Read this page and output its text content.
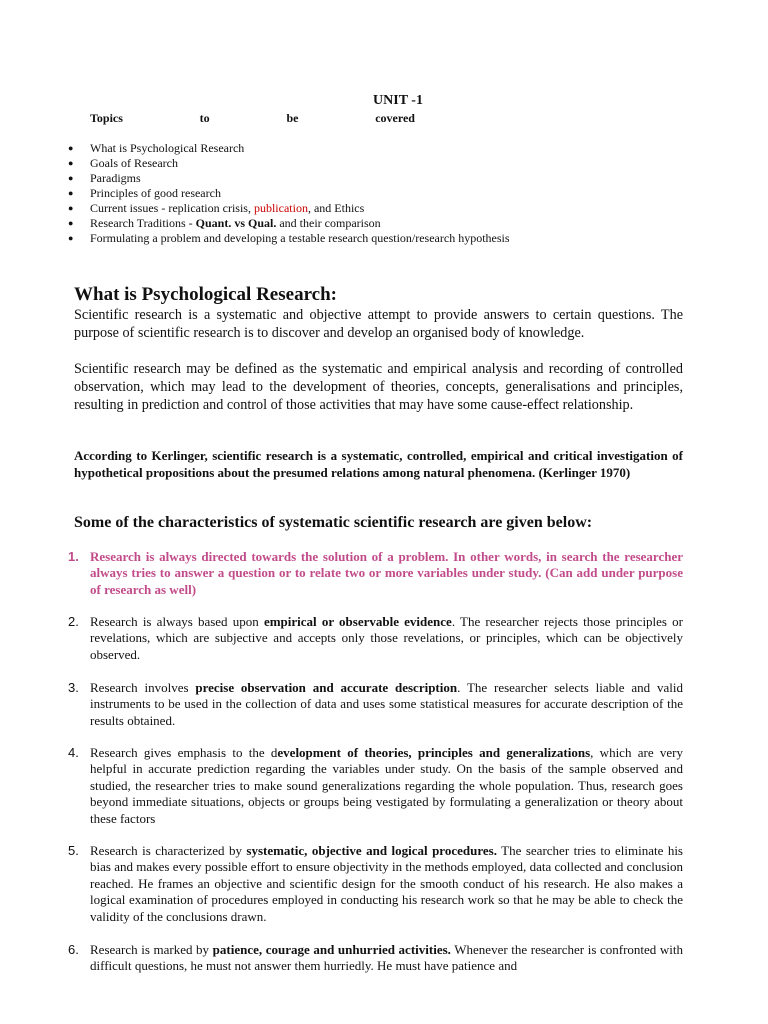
UNIT -1
Topics	to	be	covered
● What is Psychological Research
● Goals of Research
● Paradigms
● Principles of good research
● Current issues - replication crisis, publication, and Ethics
● Research Traditions - Quant. vs Qual. and their comparison
● Formulating a problem and developing a testable research question/research hypothesis
What is Psychological Research:

Scientific research is a systematic and objective attempt to provide answers to certain questions. The purpose of scientific research is to discover and develop an organised body of knowledge.

Scientific research may be defined as the systematic and empirical analysis and recording of controlled observation, which may lead to the development of theories, concepts, generalisations and principles, resulting in prediction and control of those activities that may have some cause-effect relationship.

According to Kerlinger, scientific research is a systematic, controlled, empirical and critical investigation of hypothetical propositions about the presumed relations among natural phenomena. (Kerlinger 1970)

Some of the characteristics of systematic scientific research are given below:
1. Research is always directed towards the solution of a problem. In other words, in search the researcher always tries to answer a question or to relate two or more variables under study. (Can add under purpose of research as well)
2. Research is always based upon empirical or observable evidence. The researcher rejects those principles or revelations, which are subjective and accepts only those revelations, or principles, which can be objectively observed.
3. Research involves precise observation and accurate description. The researcher selects liable and valid instruments to be used in the collection of data and uses some statistical measures for accurate description of the results obtained.
4. Research gives emphasis to the development of theories, principles and generalizations, which are very helpful in accurate prediction regarding the variables under study. On the basis of the sample observed and studied, the researcher tries to make sound generalizations regarding the whole population. Thus, research goes beyond immediate situations, objects or groups being vestigated by formulating a generalization or theory about these factors
5. Research is characterized by systematic, objective and logical procedures. The searcher tries to eliminate his bias and makes every possible effort to ensure objectivity in the methods employed, data collected and conclusion reached. He frames an objective and scientific design for the smooth conduct of his research. He also makes a logical examination of procedures employed in conducting his research work so that he may be able to check the validity of the conclusions drawn.
6. Research is marked by patience, courage and unhurried activities. Whenever the researcher is confronted with difficult questions, he must not answer them hurriedly. He must have patience and
